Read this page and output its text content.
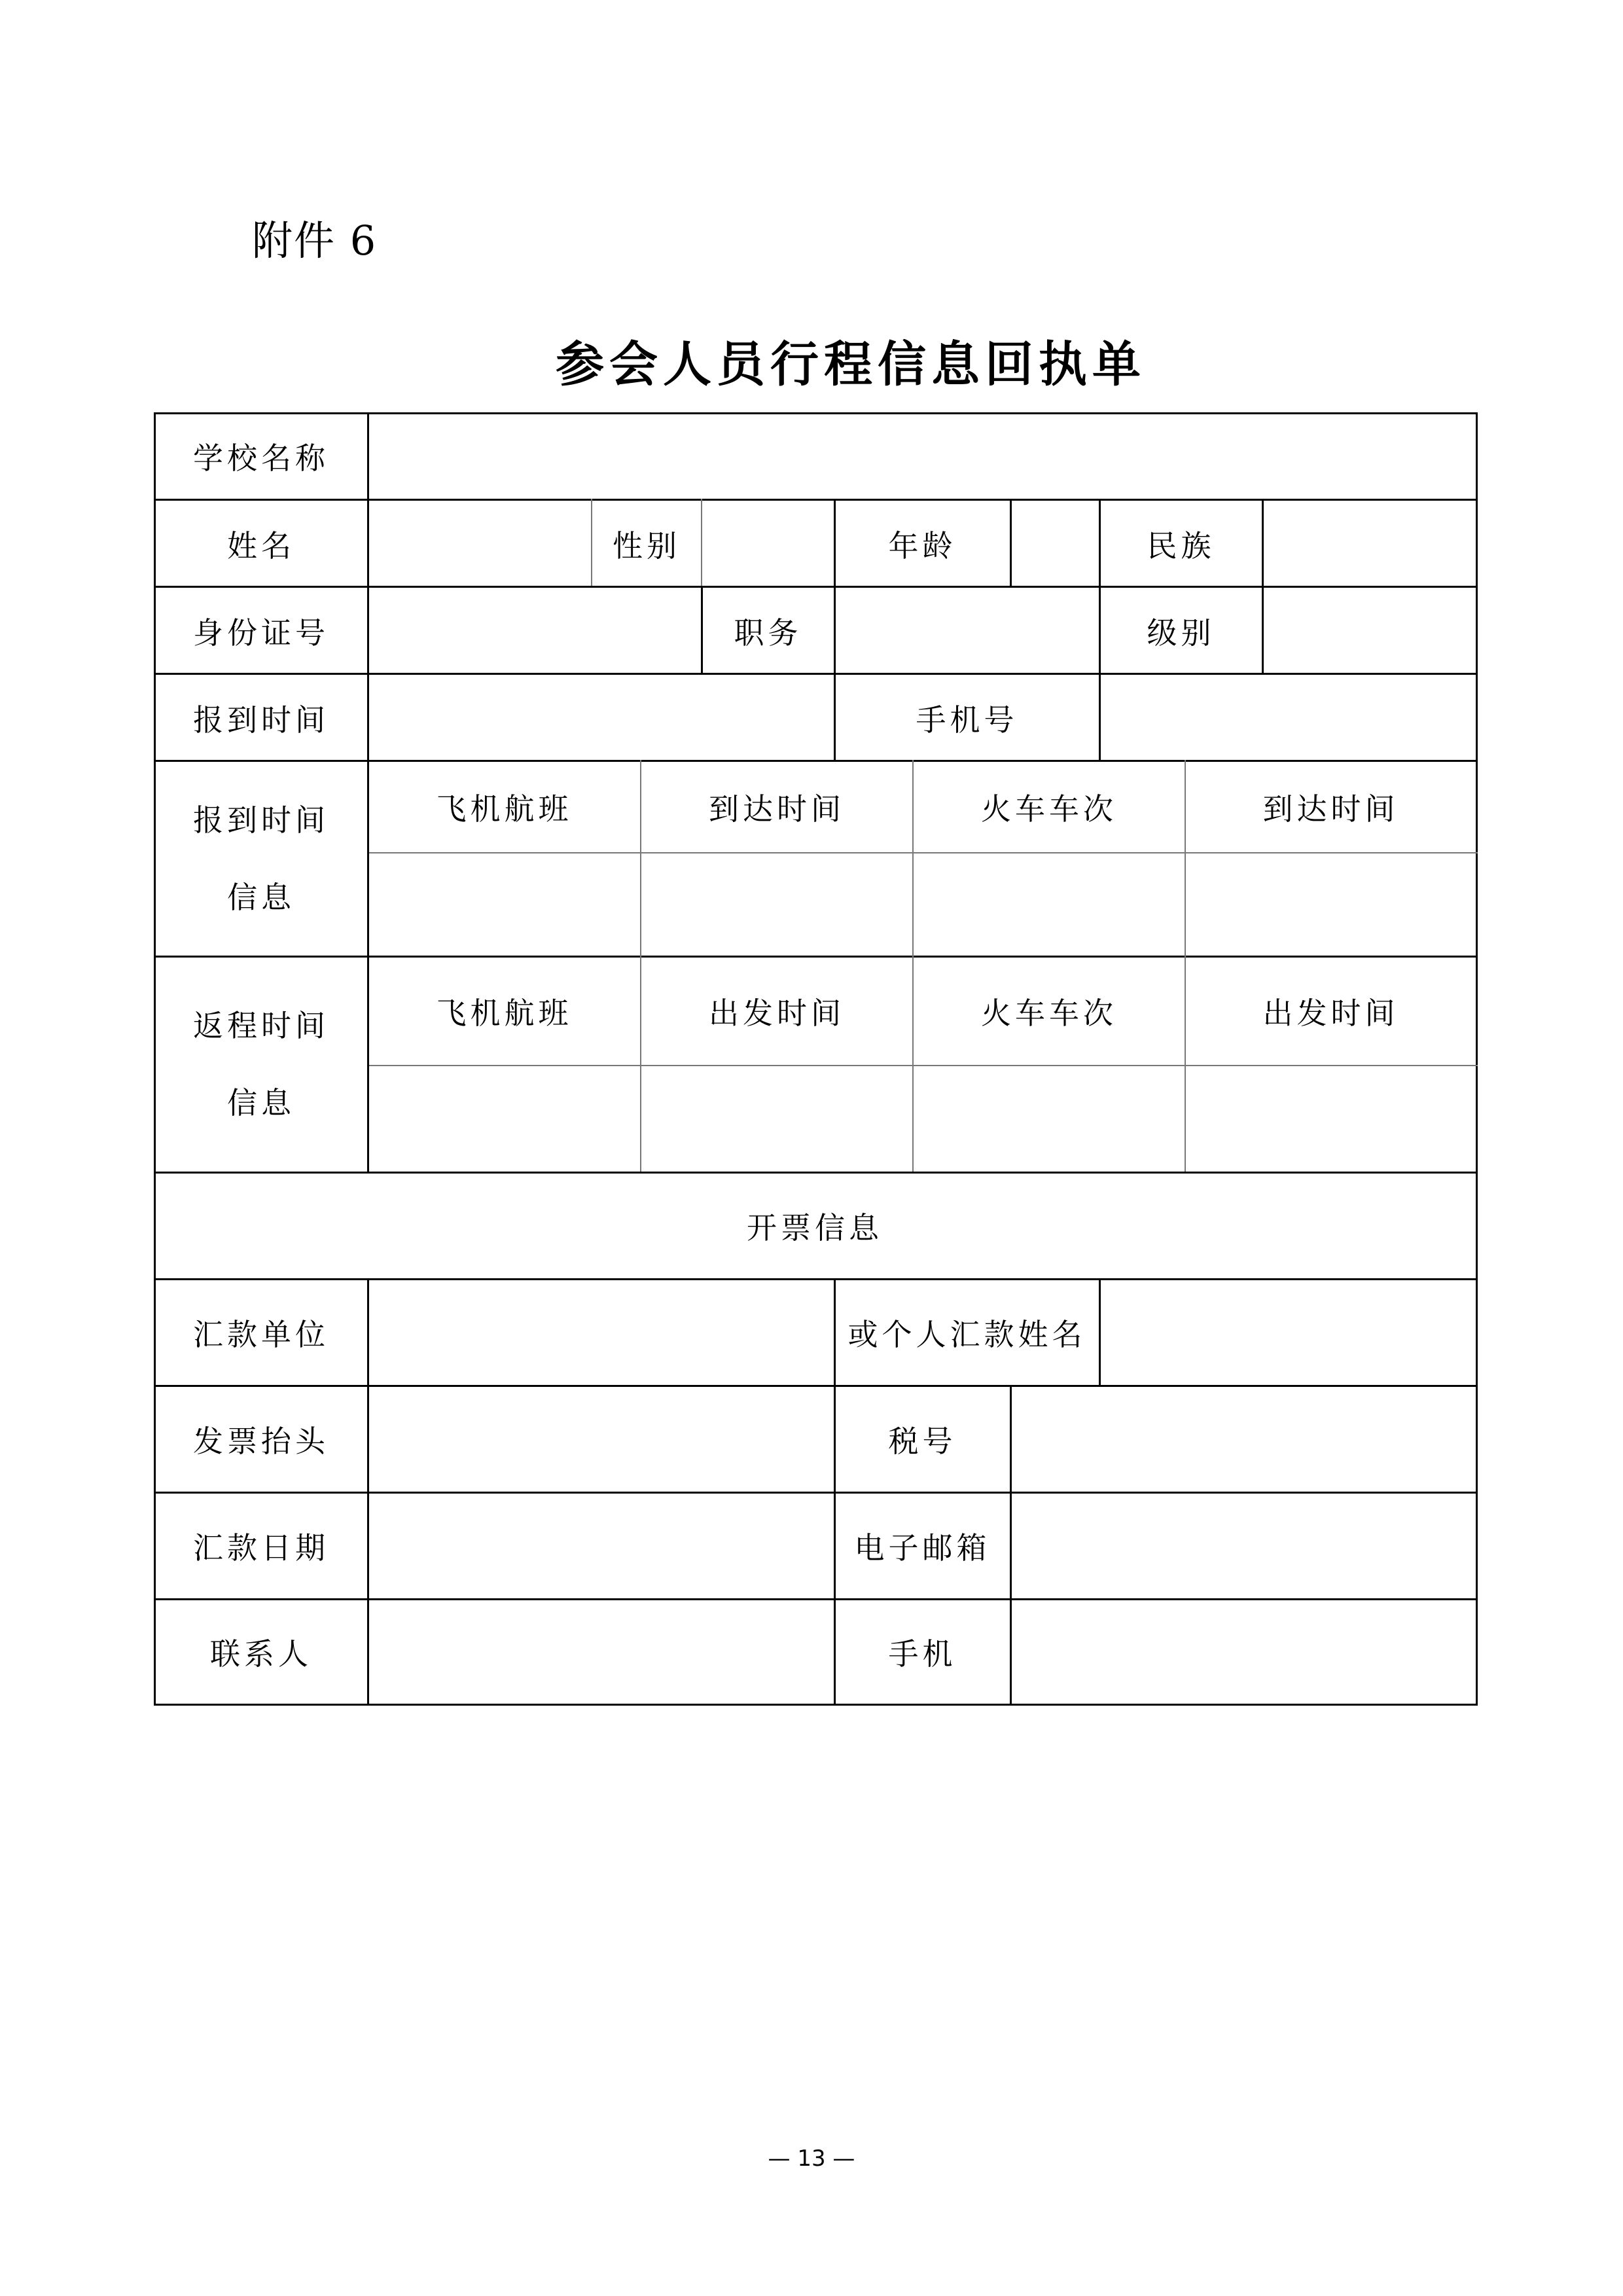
附件 6
参会人员行程信息回执单
学校名称
姓名	性别	年龄	民族
身份证号	职务	级别
报到时间	手机号
报到时间
信息
飞机航班	到达时间	火车车次	到达时间
返程时间
信息
飞机航班	出发时间	火车车次	出发时间
开票信息
汇款单位	或个人汇款姓名
发票抬头	税号
汇款日期	电子邮箱
联系人	手机
— 13 —
